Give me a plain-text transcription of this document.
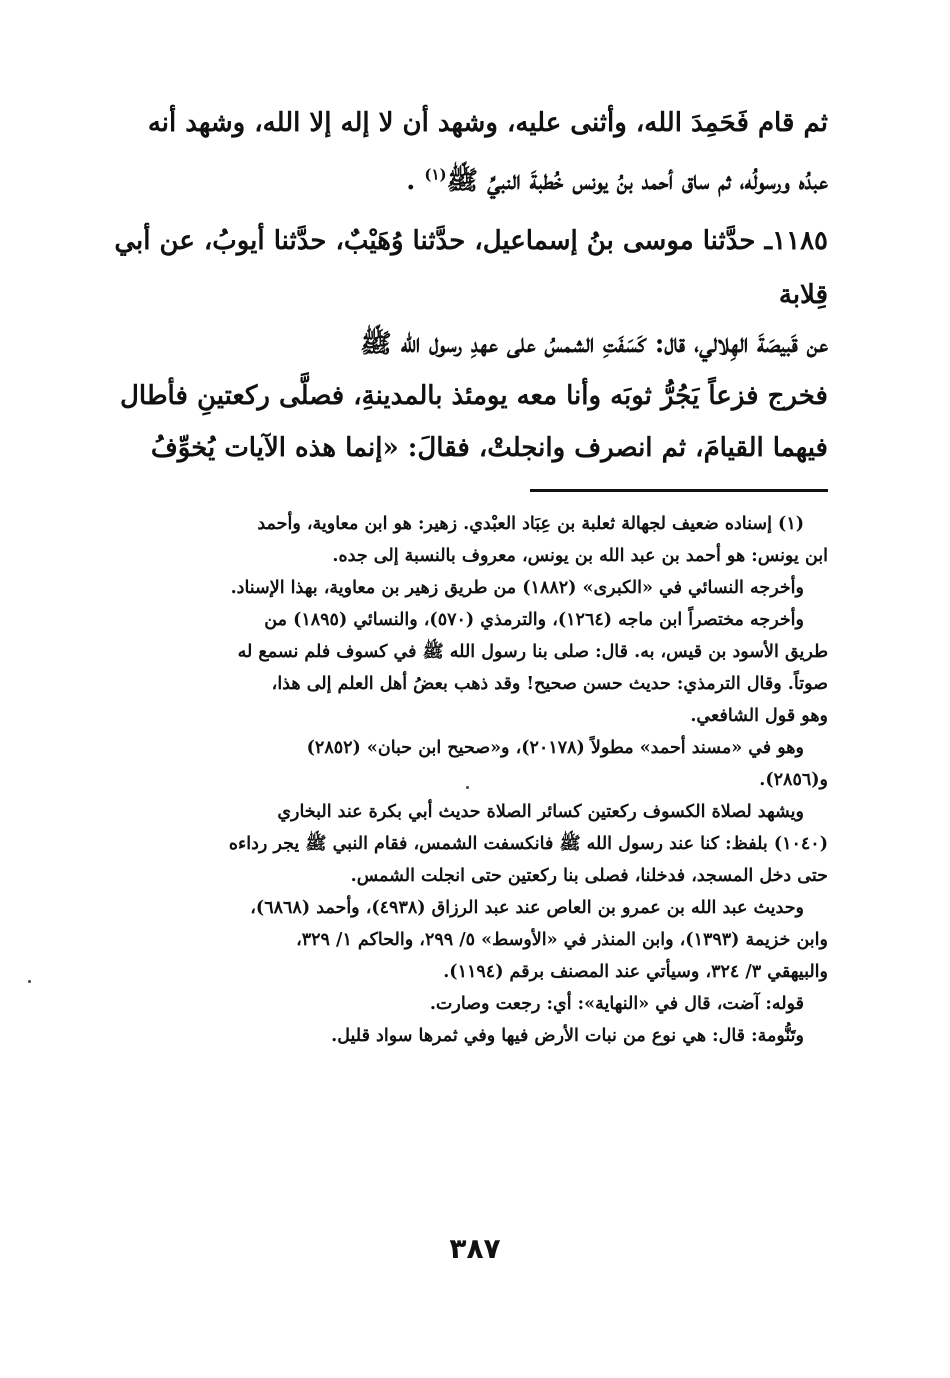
ثم قام فَحَمِدَ الله، وأثنى عليه، وشهد أن لا إله إلا الله، وشهد أنه
عبدُه ورسولُه، ثم ساق أحمد بنُ يونس خُطبةَ النبيِّ ﷺ$^{(١)}$ .
١١٨٥ـ حدَّثنا موسى بنُ إسماعيل، حدَّثنا وُهَيْبٌ، حدَّثنا أيوبُ، عن أبي
قِلابة
عن قَبيصَةَ الهِلالي، قال: كَسَفَتِ الشمسُ على عهدِ رسول الله ﷺ
فخرج فزعاً يَجُرُّ ثوبَه وأنا معه يومئذ بالمدينةِ، فصلَّى ركعتينِ فأطال
فيهما القيامَ، ثم انصرف وانجلتْ، فقالَ: «إنما هذه الآيات يُخوِّفُ
(١) إسناده ضعيف لجهالة ثعلبة بن عِبَاد العبْدي. زهير: هو ابن معاوية، وأحمد
ابن يونس: هو أحمد بن عبد الله بن يونس، معروف بالنسبة إلى جده.
وأخرجه النسائي في «الكبرى» (١٨٨٢) من طريق زهير بن معاوية، بهذا الإسناد.
وأخرجه مختصراً ابن ماجه (١٢٦٤)، والترمذي (٥٧٠)، والنسائي (١٨٩٥) من
طريق الأسود بن قيس، به. قال: صلى بنا رسول الله ﷺ في كسوف فلم نسمع له
صوتاً. وقال الترمذي: حديث حسن صحيح! وقد ذهب بعضُ أهل العلم إلى هذا،
وهو قول الشافعي.
وهو في «مسند أحمد» مطولاً (٢٠١٧٨)، و«صحيح ابن حبان» (٢٨٥٢)
و(٢٨٥٦).
ويشهد لصلاة الكسوف ركعتين كسائر الصلاة حديث أبي بكرة عند البخاري
(١٠٤٠) بلفظ: كنا عند رسول الله ﷺ فانكسفت الشمس، فقام النبي ﷺ يجر رداءه
حتى دخل المسجد، فدخلنا، فصلى بنا ركعتين حتى انجلت الشمس.
وحديث عبد الله بن عمرو بن العاص عند عبد الرزاق (٤٩٣٨)، وأحمد (٦٨٦٨)،
وابن خزيمة (١٣٩٣)، وابن المنذر في «الأوسط» ٥/ ٢٩٩، والحاكم ١/ ٣٢٩،
والبيهقي ٣/ ٣٢٤، وسيأتي عند المصنف برقم (١١٩٤).
قوله: آضت، قال في «النهاية»: أي: رجعت وصارت.
وتَنُّومة: قال: هي نوع من نبات الأرض فيها وفي ثمرها سواد قليل.
٣٨٧
